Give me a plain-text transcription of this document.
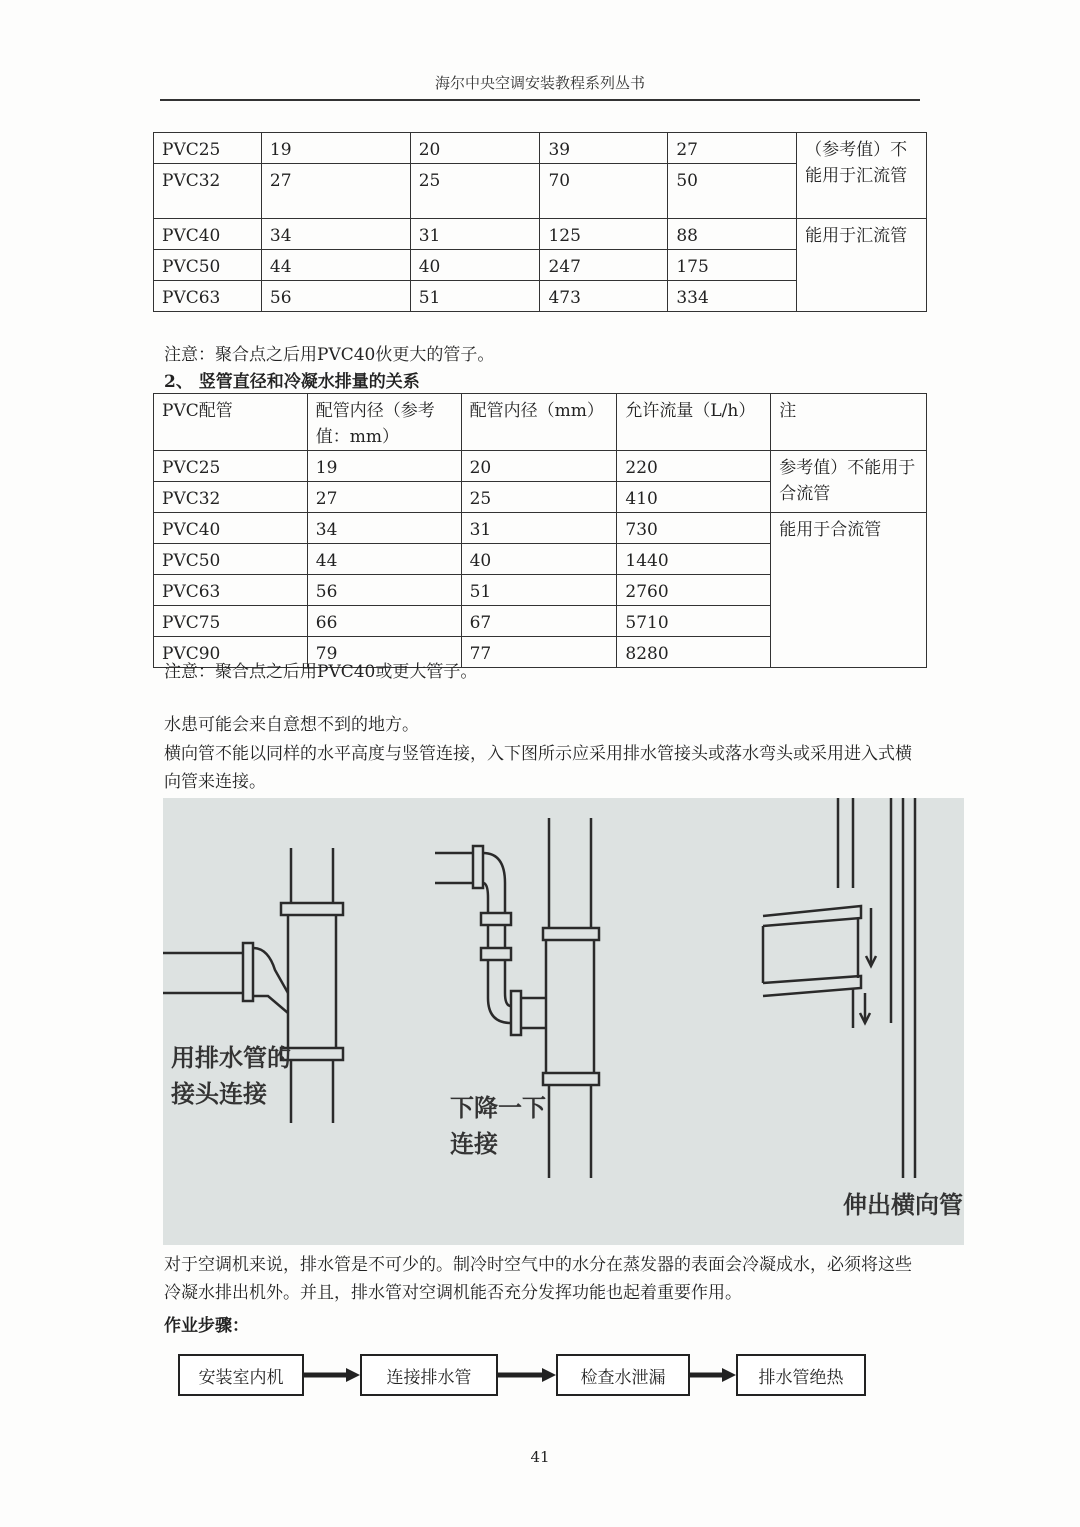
海尔中央空调安装教程系列丛书
PVC25	19	20	39	27	（参考值）不能用于汇流管
PVC32	27	25	70	50	
PVC40	34	31	125	88	能用于汇流管
PVC50	44	40	247	175	
PVC63	56	51	473	334	
注意：聚合点之后用PVC40伙更大的管子。
2、 竖管直径和冷凝水排量的关系
PVC配管	配管内径（参考值：mm）	配管内径（mm）	允许流量（L/h）	注
PVC25	19	20	220	参考值）不能用于合流管
PVC32	27	25	410	
PVC40	34	31	730	能用于合流管
PVC50	44	40	1440	
PVC63	56	51	2760	
PVC75	66	67	5710	
PVC90	79	77	8280	
注意：聚合点之后用PVC40或更大管子。
水患可能会来自意想不到的地方。
横向管不能以同样的水平高度与竖管连接，入下图所示应采用排水管接头或落水弯头或采用进入式横向管来连接。
用排水管的
接头连接	下降一下
连接
伸出横向管
对于空调机来说，排水管是不可少的。制冷时空气中的水分在蒸发器的表面会冷凝成水，必须将这些冷凝水排出机外。并且，排水管对空调机能否充分发挥功能也起着重要作用。
作业步骤：
安装室内机	连接排水管	检查水泄漏	排水管绝热
41
